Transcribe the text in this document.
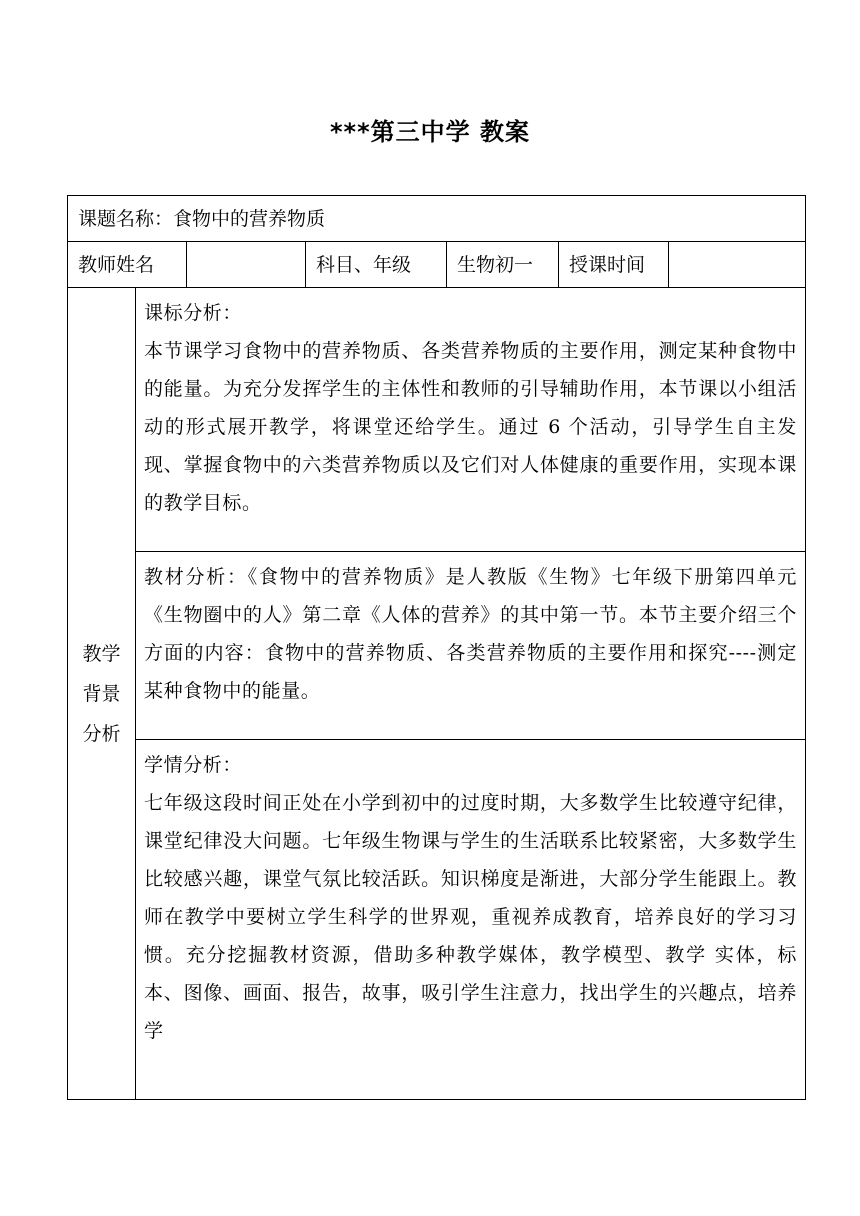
***第三中学 教案
课题名称：食物中的营养物质						
教师姓名			科目、年级	生物初一	授课时间	

教学
背景
分析	课标分析：
本节课学习食物中的营养物质、各类营养物质的主要作用，测定某种食物中的能量。为充分发挥学生的主体性和教师的引导辅助作用，本节课以小组活动的形式展开教学，将课堂还给学生。通过 6 个活动，引导学生自主发现、掌握食物中的六类营养物质以及它们对人体健康的重要作用，实现本课的教学目标。					

	教材分析：《食物中的营养物质》是人教版《生物》七年级下册第四单元《生物圈中的人》第二章《人体的营养》的其中第一节。本节主要介绍三个方面的内容：食物中的营养物质、各类营养物质的主要作用和探究----测定某种食物中的能量。					

	学情分析：
七年级这段时间正处在小学到初中的过度时期，大多数学生比较遵守纪律，课堂纪律没大问题。七年级生物课与学生的生活联系比较紧密，大多数学生比较感兴趣，课堂气氛比较活跃。知识梯度是渐进，大部分学生能跟上。教师在教学中要树立学生科学的世界观，重视养成教育，培养良好的学习习惯。充分挖掘教材资源，借助多种教学媒体，教学模型、教学 实体，标本、图像、画面、报告，故事，吸引学生注意力，找出学生的兴趣点，培养学					
